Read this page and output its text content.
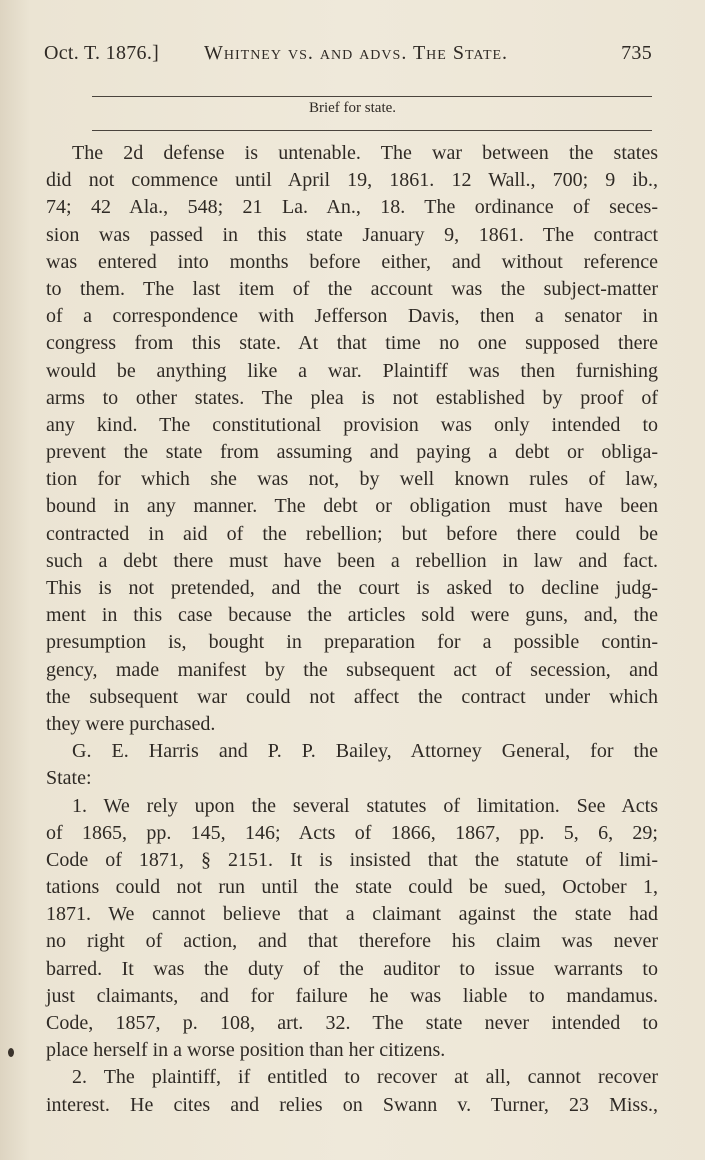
Oct. T. 1876.] Whitney vs. and advs. The State.	735
Brief for state.
The 2d defense is untenable. The war between the states
did not commence until April 19, 1861. 12 Wall., 700; 9 ib.,
74; 42 Ala., 548; 21 La. An., 18. The ordinance of seces-
sion was passed in this state January 9, 1861. The contract
was entered into months before either, and without reference
to them. The last item of the account was the subject-matter
of a correspondence with Jefferson Davis, then a senator in
congress from this state. At that time no one supposed there
would be anything like a war. Plaintiff was then furnishing
arms to other states. The plea is not established by proof of
any kind. The constitutional provision was only intended to
prevent the state from assuming and paying a debt or obliga-
tion for which she was not, by well known rules of law,
bound in any manner. The debt or obligation must have been
contracted in aid of the rebellion; but before there could be
such a debt there must have been a rebellion in law and fact.
This is not pretended, and the court is asked to decline judg-
ment in this case because the articles sold were guns, and, the
presumption is, bought in preparation for a possible contin-
gency, made manifest by the subsequent act of secession, and
the subsequent war could not affect the contract under which
they were purchased.
G. E. Harris and P. P. Bailey, Attorney General, for the
State:
1. We rely upon the several statutes of limitation. See Acts
of 1865, pp. 145, 146; Acts of 1866, 1867, pp. 5, 6, 29;
Code of 1871, § 2151. It is insisted that the statute of limi-
tations could not run until the state could be sued, October 1,
1871. We cannot believe that a claimant against the state had
no right of action, and that therefore his claim was never
barred. It was the duty of the auditor to issue warrants to
just claimants, and for failure he was liable to mandamus.
Code, 1857, p. 108, art. 32. The state never intended to
place herself in a worse position than her citizens.
2. The plaintiff, if entitled to recover at all, cannot recover
interest. He cites and relies on Swann v. Turner, 23 Miss.,
